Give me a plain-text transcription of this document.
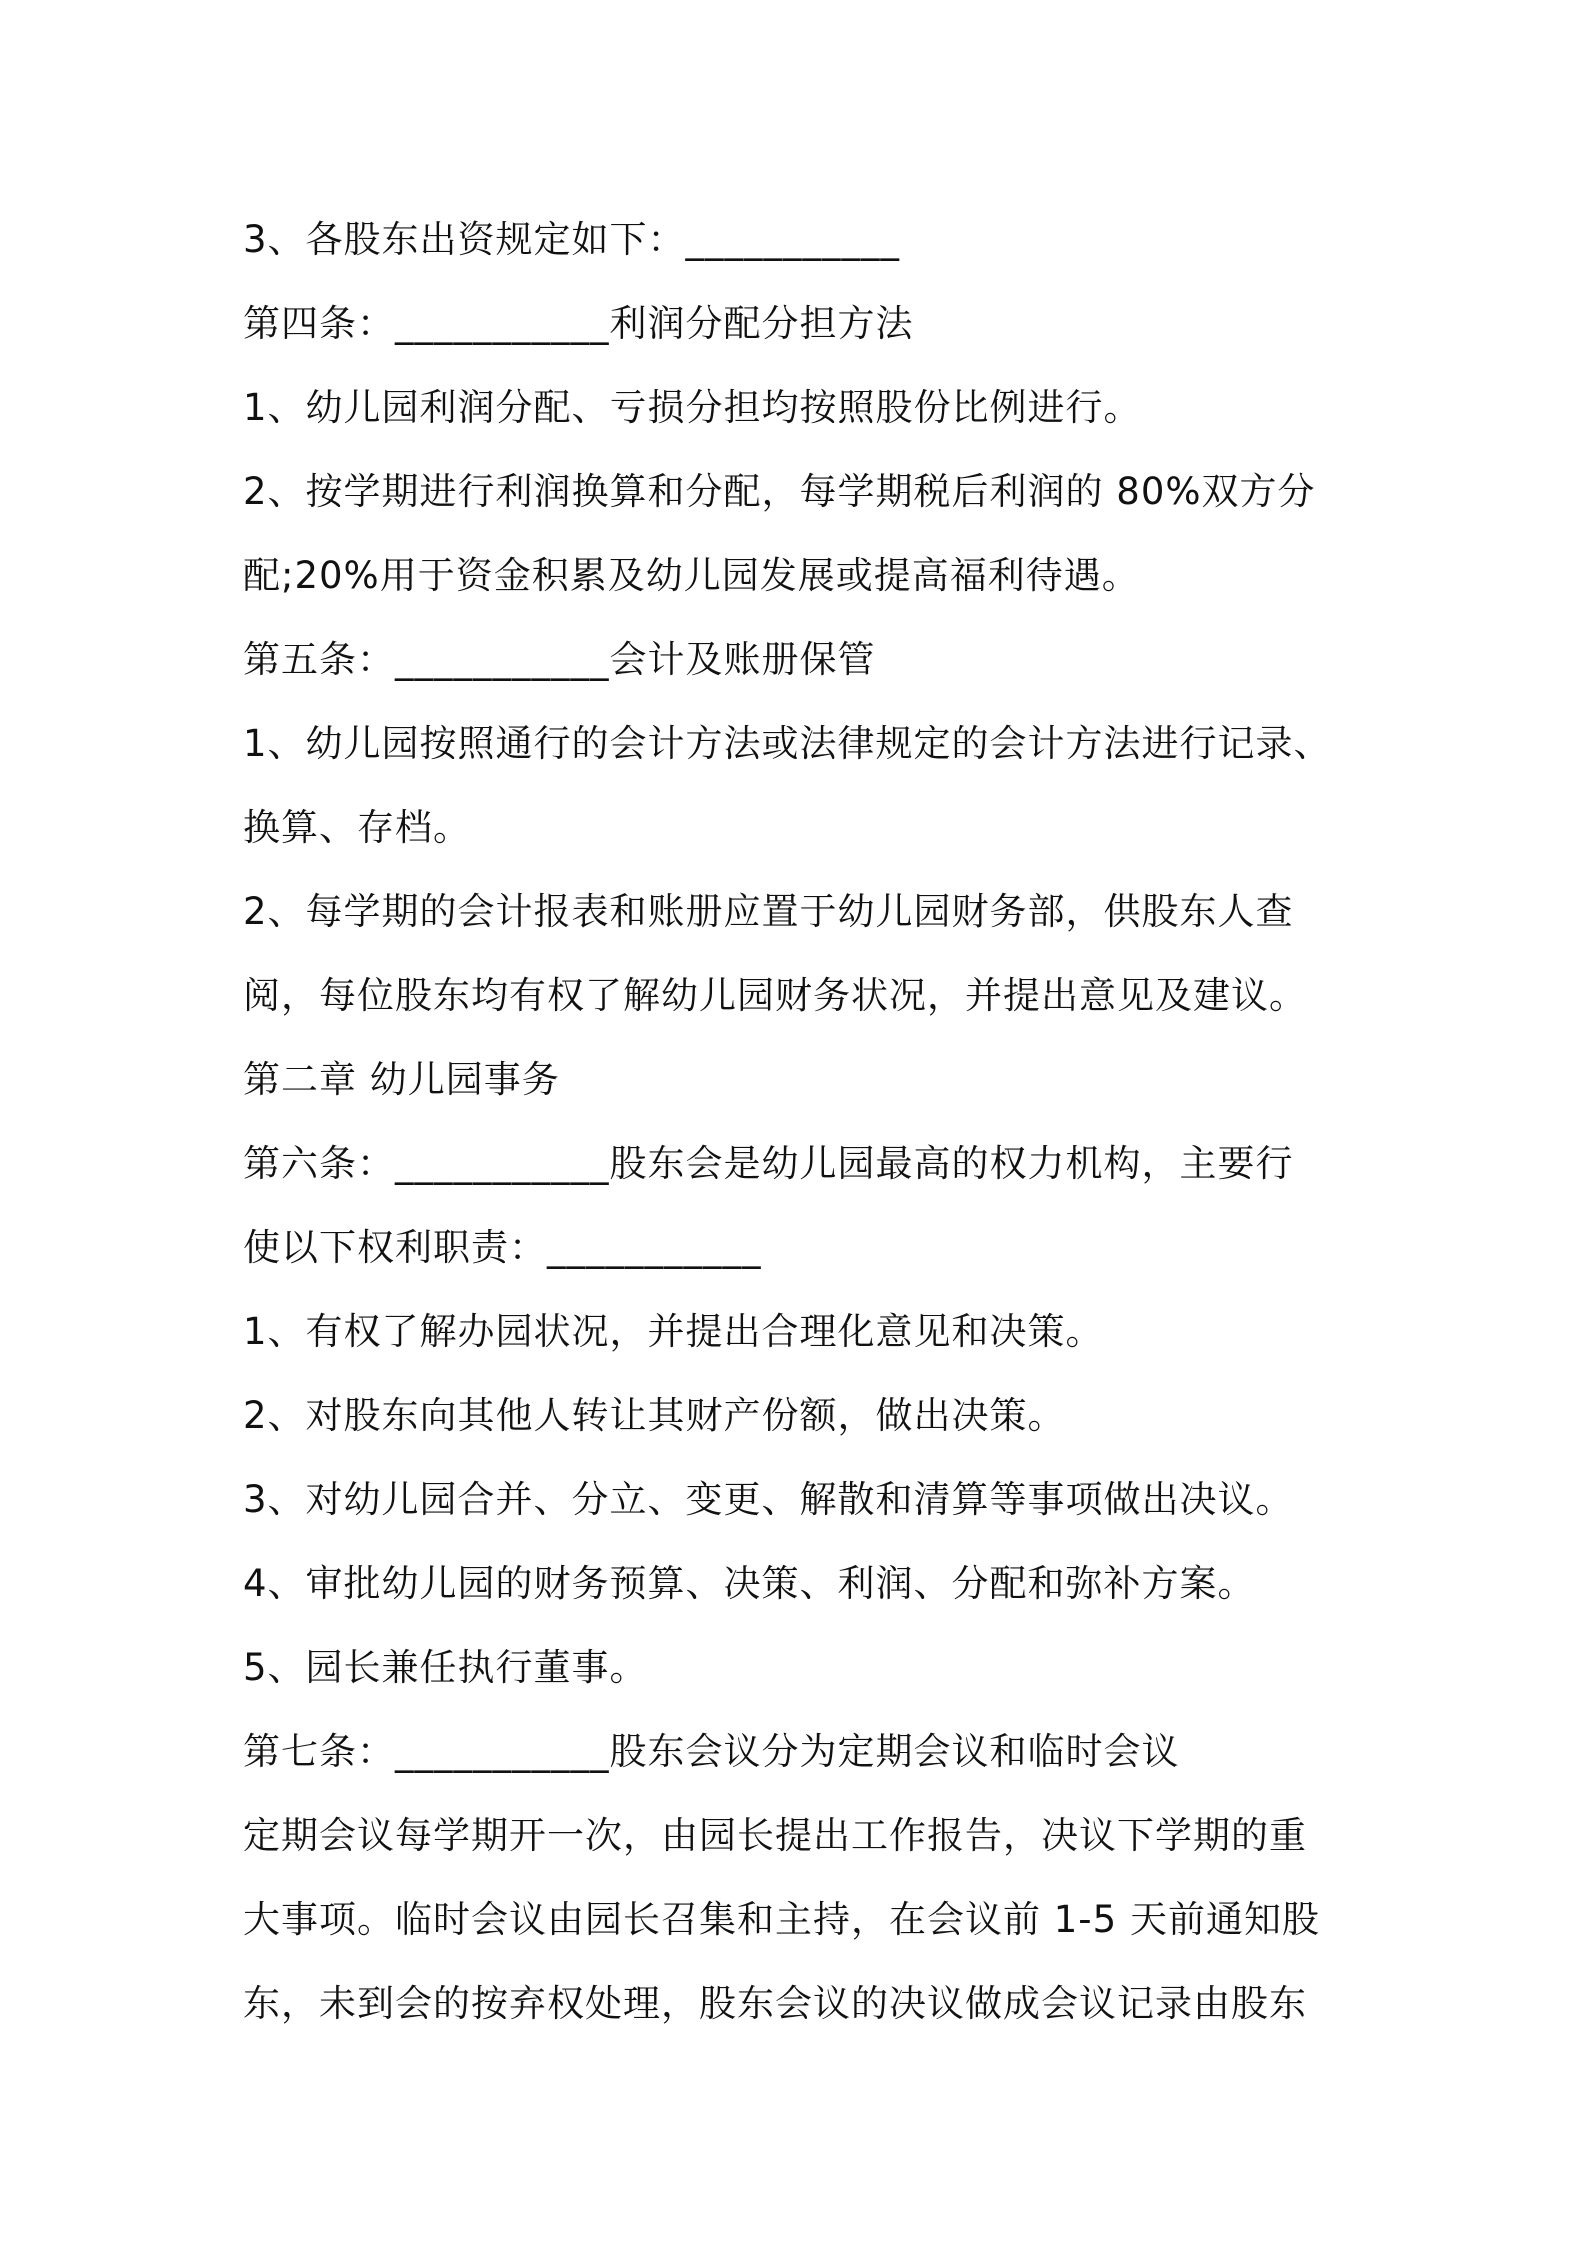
3、各股东出资规定如下：___________
第四条：___________利润分配分担方法
1、幼儿园利润分配、亏损分担均按照股份比例进行。
2、按学期进行利润换算和分配，每学期税后利润的 80%双方分
配;20%用于资金积累及幼儿园发展或提高福利待遇。
第五条：___________会计及账册保管
1、幼儿园按照通行的会计方法或法律规定的会计方法进行记录、
换算、存档。
2、每学期的会计报表和账册应置于幼儿园财务部，供股东人查
阅，每位股东均有权了解幼儿园财务状况，并提出意见及建议。
第二章 幼儿园事务
第六条：___________股东会是幼儿园最高的权力机构，主要行
使以下权利职责：___________
1、有权了解办园状况，并提出合理化意见和决策。
2、对股东向其他人转让其财产份额，做出决策。
3、对幼儿园合并、分立、变更、解散和清算等事项做出决议。
4、审批幼儿园的财务预算、决策、利润、分配和弥补方案。
5、园长兼任执行董事。
第七条：___________股东会议分为定期会议和临时会议
定期会议每学期开一次，由园长提出工作报告，决议下学期的重
大事项。临时会议由园长召集和主持，在会议前 1-5 天前通知股
东，未到会的按弃权处理，股东会议的决议做成会议记录由股东
